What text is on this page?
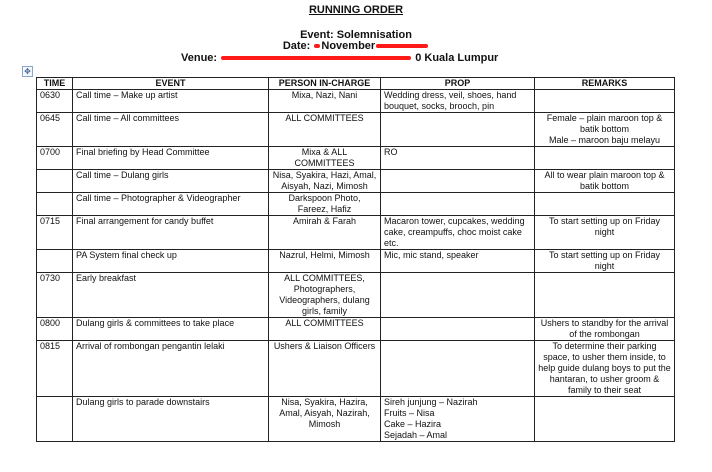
RUNNING ORDER
Event: Solemnisation
Date: November
Venue:	0 Kuala Lumpur
✥
TIME	EVENT	PERSON IN-CHARGE	PROP	REMARKS
0630	Call time – Make up artist	Mixa, Nazi, Nani	Wedding dress, veil, shoes, hand bouquet, socks, brooch, pin	
0645	Call time – All committees	ALL COMMITTEES		Female – plain maroon top & batik bottom
Male – maroon baju melayu
0700	Final briefing by Head Committee	Mixa & ALL COMMITTEES	RO	
	Call time – Dulang girls	Nisa, Syakira, Hazi, Amal, Aisyah, Nazi, Mimosh		All to wear plain maroon top & batik bottom
	Call time – Photographer & Videographer	Darkspoon Photo, Fareez, Hafiz		
0715	Final arrangement for candy buffet	Amirah & Farah	Macaron tower, cupcakes, wedding cake, creampuffs, choc moist cake etc.	To start setting up on Friday night
	PA System final check up	Nazrul, Helmi, Mimosh	Mic, mic stand, speaker	To start setting up on Friday night
0730	Early breakfast	ALL COMMITTEES, Photographers, Videographers, dulang girls, family		
0800	Dulang girls & committees to take place	ALL COMMITTEES		Ushers to standby for the arrival of the rombongan
0815	Arrival of rombongan pengantin lelaki	Ushers & Liaison Officers		To determine their parking space, to usher them inside, to help guide dulang boys to put the hantaran, to usher groom & family to their seat
	Dulang girls to parade downstairs	Nisa, Syakira, Hazira, Amal, Aisyah, Nazirah, Mimosh	Sireh junjung – Nazirah
Fruits – Nisa
Cake – Hazira
Sejadah – Amal	
